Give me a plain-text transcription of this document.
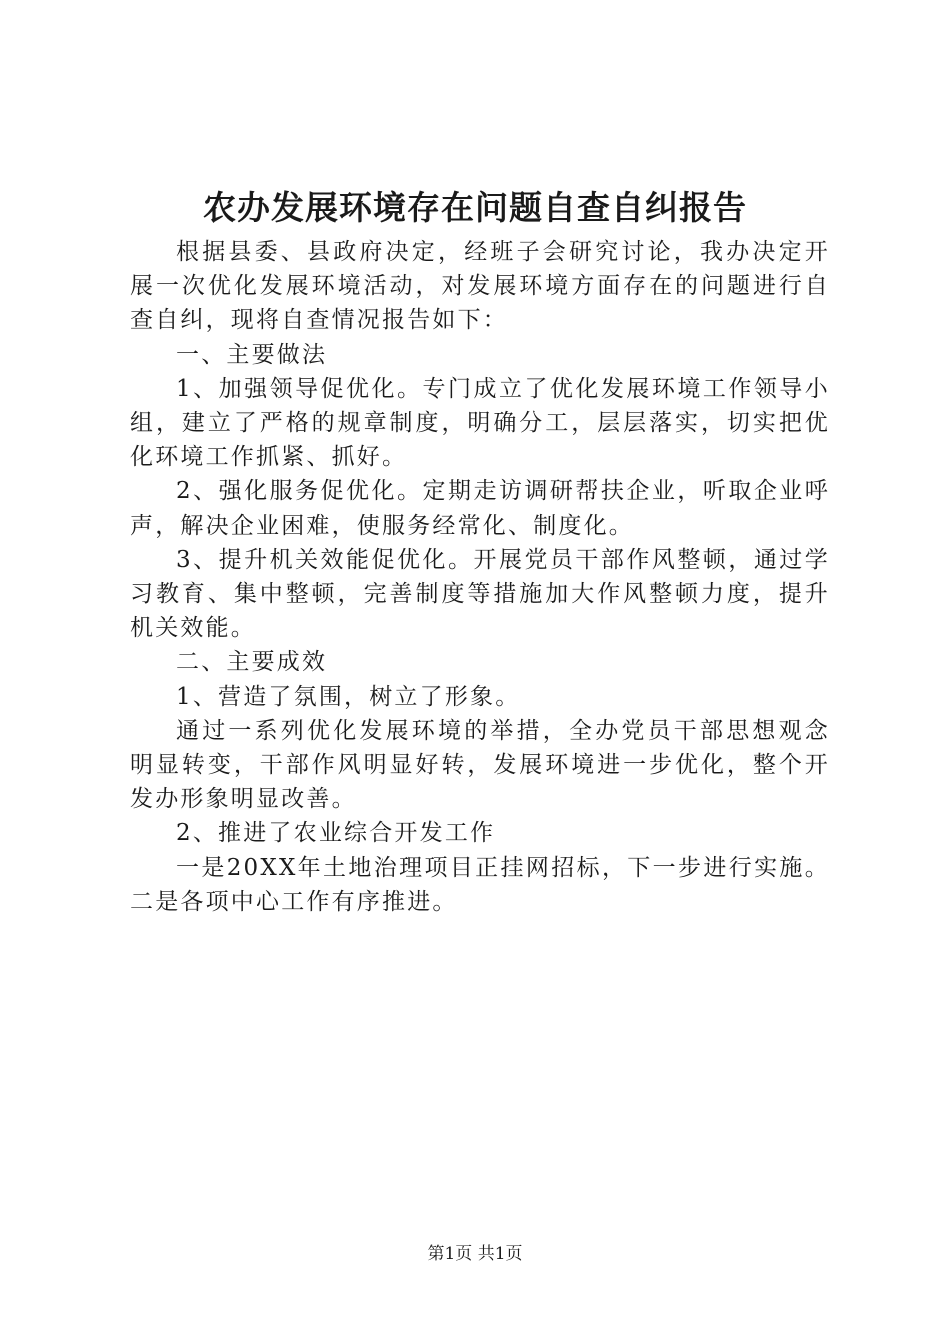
农办发展环境存在问题自查自纠报告

根据县委、县政府决定，经班子会研究讨论，我办决定开展一次优化发展环境活动，对发展环境方面存在的问题进行自查自纠，现将自查情况报告如下：

一、主要做法

1、加强领导促优化。专门成立了优化发展环境工作领导小组，建立了严格的规章制度，明确分工，层层落实，切实把优化环境工作抓紧、抓好。

2、强化服务促优化。定期走访调研帮扶企业，听取企业呼声，解决企业困难，使服务经常化、制度化。

3、提升机关效能促优化。开展党员干部作风整顿，通过学习教育、集中整顿，完善制度等措施加大作风整顿力度，提升机关效能。

二、主要成效

1、营造了氛围，树立了形象。

通过一系列优化发展环境的举措，全办党员干部思想观念明显转变，干部作风明显好转，发展环境进一步优化，整个开发办形象明显改善。

2、推进了农业综合开发工作

一是20XX年土地治理项目正挂网招标，下一步进行实施。二是各项中心工作有序推进。

第1页 共1页
